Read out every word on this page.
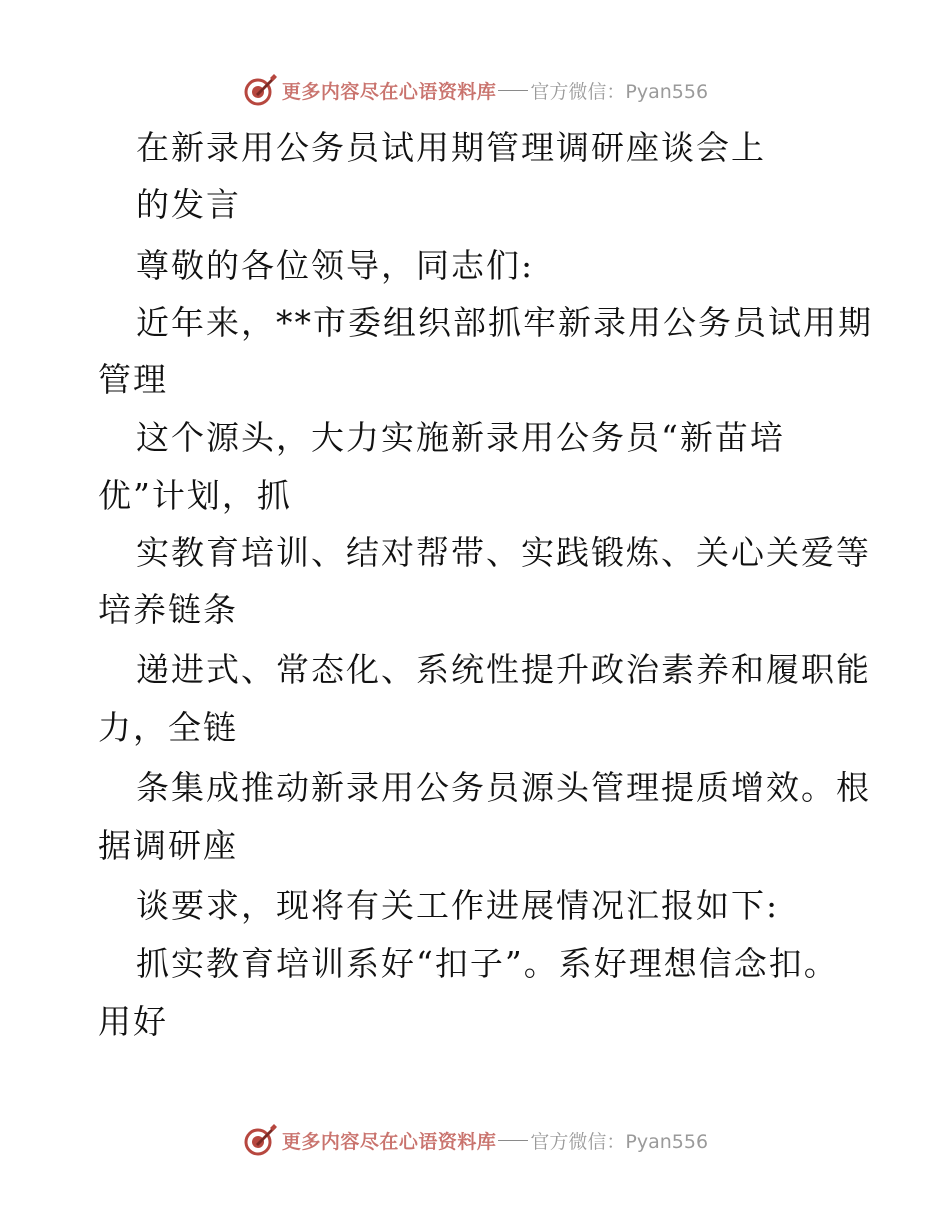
更多内容尽在心语资料库 官方微信：Pyan556
在新录用公务员试用期管理调研座谈会上
的发言
尊敬的各位领导，同志们:
近年来，**市委组织部抓牢新录用公务员试用期
管理
这个源头，大力实施新录用公务员“新苗培
优”计划，抓
实教育培训、结对帮带、实践锻炼、关心关爱等
培养链条
递进式、常态化、系统性提升政治素养和履职能
力，全链
条集成推动新录用公务员源头管理提质增效。根
据调研座
谈要求，现将有关工作进展情况汇报如下:
抓实教育培训系好“扣子”。系好理想信念扣。
用好
更多内容尽在心语资料库 官方微信：Pyan556
